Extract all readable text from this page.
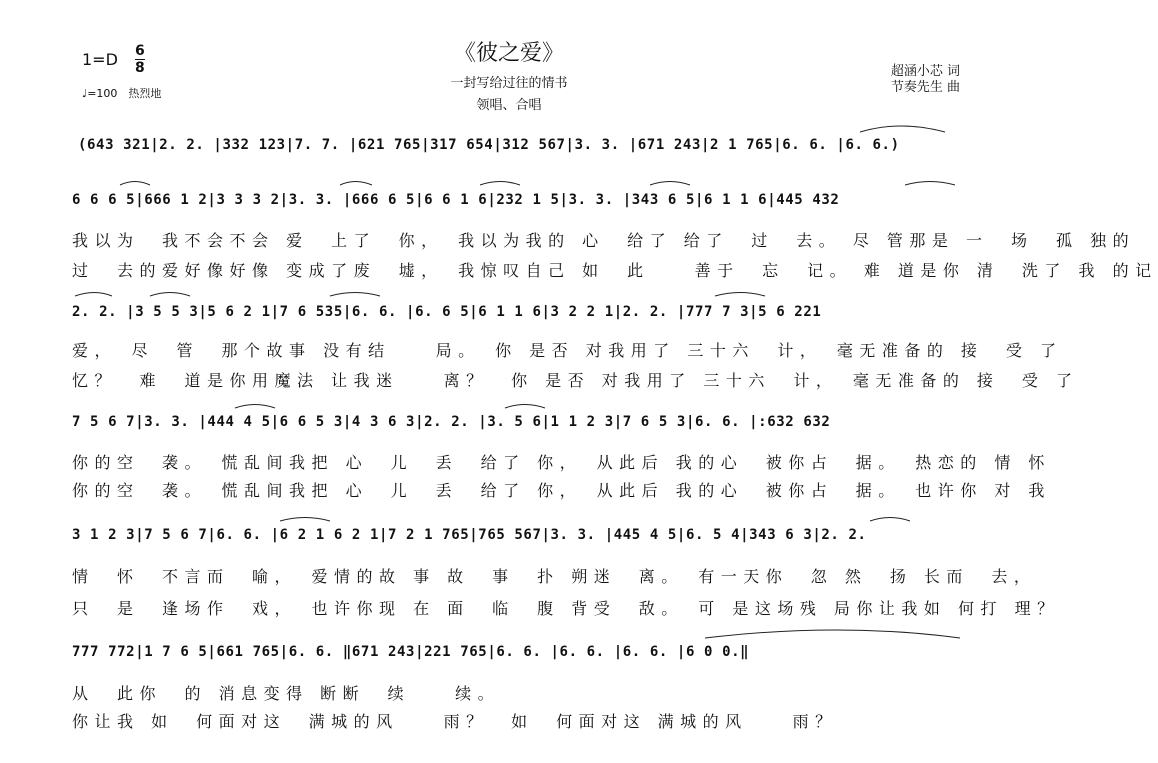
《彼之爱》
一封写给过往的情书
领唱、合唱
1=D 6
8
♩=100　热烈地
超涵小芯 词
节奏先生 曲
(643 321|2. 2. |332 123|7. 7. |621 765|317 654|312 567|3. 3. |671 243|2 1 765|6. 6. |6. 6.)
6 6 6 5|666 1 2|3 3 3 2|3. 3. |666 6 5|6 6 1 6|232 1 5|3. 3. |343 6 5|6 1 1 6|445 432
我以为　我不会不会 爱　上了　你，　我以为我的 心　给了 给了　过　去。 尽 管那是 一　场　孤 独的
过　去的爱好像好像 变成了废　墟，　我惊叹自己 如　此　　善于　忘　记。 难 道是你 清　洗了 我 的记
2. 2. |3 5 5 3|5 6 2 1|7 6 535|6. 6. |6. 6 5|6 1 1 6|3 2 2 1|2. 2. |777 7 3|5 6 221
爱，　尽　管　那个故事 没有结　　局。　你 是否 对我用了 三十六　计，　毫无准备的 接　受 了
忆？　难　道是你用魔法 让我迷　　离？　你 是否 对我用了 三十六　计，　毫无准备的 接　受 了
7 5 6 7|3. 3. |444 4 5|6 6 5 3|4 3 6 3|2. 2. |3. 5 6|1 1 2 3|7 6 5 3|6. 6. |:632 632
你的空　袭。　慌乱间我把 心　儿　丢　给了 你，　从此后 我的心　被你占　据。　热恋的 情 怀
你的空　袭。　慌乱间我把 心　儿　丢　给了 你，　从此后 我的心　被你占　据。　也许你 对 我
3 1 2 3|7 5 6 7|6. 6. |6 2 1 6 2 1|7 2 1 765|765 567|3. 3. |445 4 5|6. 5 4|343 6 3|2. 2.
情　怀　不言而　喻，　爱情的故 事 故　事　扑 朔迷　离。　有一天你　忽 然　扬 长而　去，
只　是　逢场作　戏，　也许你现 在 面　临　腹 背受　敌。　可 是这场残 局你让我如 何打 理？
777 772|1 7 6 5|661 765|6. 6. ‖671 243|221 765|6. 6. |6. 6. |6. 6. |6 0 0.‖
从　此你　的 消息变得 断断　续　　续。
你让我 如　何面对这　满城的风　　雨？　如　何面对这 满城的风　　雨？
